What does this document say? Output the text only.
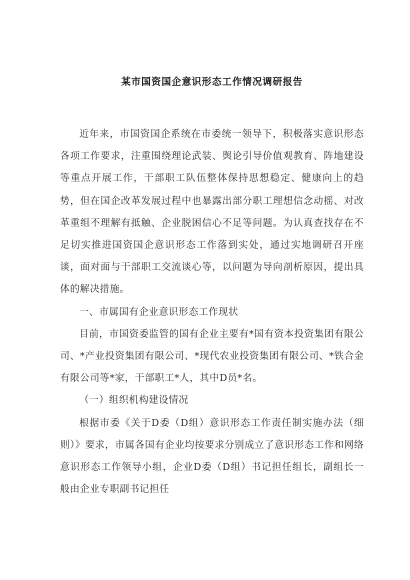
某市国资国企意识形态工作情况调研报告

近年来，市国资国企系统在市委统一领导下，积极落实意识形态各项工作要求，注重围绕理论武装、舆论引导价值观教育、阵地建设等重点开展工作，干部职工队伍整体保持思想稳定、健康向上的趋势，但在国企改革发展过程中也暴露出部分职工理想信念动摇、对改革重组不理解有抵触、企业脱困信心不足等问题。为认真查找存在不足切实推进国资国企意识形态工作落到实处，通过实地调研召开座谈，面对面与干部职工交流谈心等，以问题为导向剖析原因，提出具体的解决措施。

一、市属国有企业意识形态工作现状

目前，市国资委监管的国有企业主要有*国有资本投资集团有限公司、*产业投资集团有限公司、*现代农业投资集团有限公司、*铁合金有限公司等*家，干部职工*人，其中D员*名。

（一）组织机构建设情况

根据市委《关于D委（D组）意识形态工作责任制实施办法（细则）》要求，市属各国有企业均按要求分别成立了意识形态工作和网络意识形态工作领导小组，企业D委（D组）书记担任组长，副组长一般由企业专职副书记担任
